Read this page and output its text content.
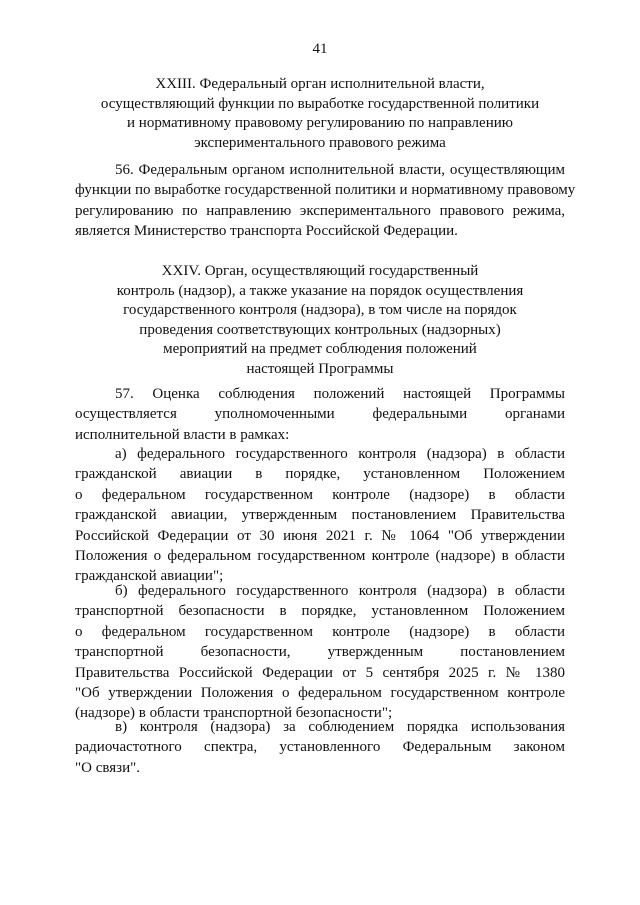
41
XXIII. Федеральный орган исполнительной власти,
осуществляющий функции по выработке государственной политики
и нормативному правовому регулированию по направлению
экспериментального правового режима

56. Федеральным органом исполнительной власти, осуществляющим
функции по выработке государственной политики и нормативному правовому
регулированию по направлению экспериментального правового режима,
является Министерство транспорта Российской Федерации.

XXIV. Орган, осуществляющий государственный
контроль (надзор), а также указание на порядок осуществления
государственного контроля (надзора), в том числе на порядок
проведения соответствующих контрольных (надзорных)
мероприятий на предмет соблюдения положений
настоящей Программы

57. Оценка соблюдения положений настоящей Программы
осуществляется уполномоченными федеральными органами
исполнительной власти в рамках:

а) федерального государственного контроля (надзора) в области
гражданской авиации в порядке, установленном Положением
о федеральном государственном контроле (надзоре) в области
гражданской авиации, утвержденным постановлением Правительства
Российской Федерации от 30 июня 2021 г. № 1064 "Об утверждении
Положения о федеральном государственном контроле (надзоре) в области
гражданской авиации";

б) федерального государственного контроля (надзора) в области
транспортной безопасности в порядке, установленном Положением
о федеральном государственном контроле (надзоре) в области
транспортной безопасности, утвержденным постановлением
Правительства Российской Федерации от 5 сентября 2025 г. № 1380
"Об утверждении Положения о федеральном государственном контроле
(надзоре) в области транспортной безопасности";

в) контроля (надзора) за соблюдением порядка использования
радиочастотного спектра, установленного Федеральным законом
"О связи".
